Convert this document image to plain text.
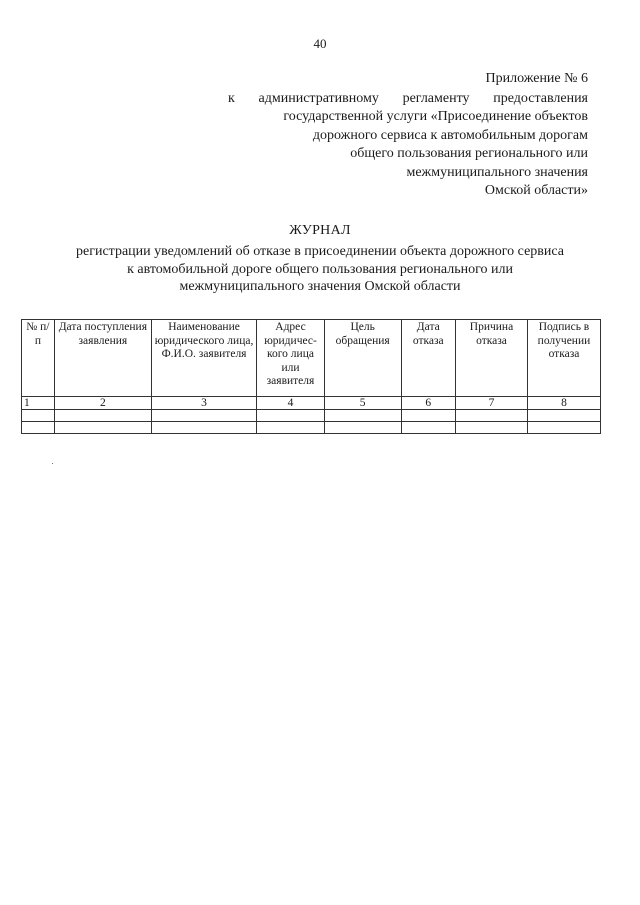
40
Приложение № 6
к административному регламенту предоставления
государственной услуги «Присоединение объектов
дорожного сервиса к автомобильным дорогам
общего пользования регионального или
межмуниципального значения
Омской области»
ЖУРНАЛ
регистрации уведомлений об отказе в присоединении объекта дорожного сервиса
к автомобильной дороге общего пользования регионального или
межмуниципального значения Омской области
№ п/п	Дата поступления заявления	Наименование юридического лица, Ф.И.О. заявителя	Адрес юридичес-кого лица или заявителя	Цель обращения	Дата отказа	Причина отказа	Подпись в получении отказа
1	2	3	4	5	6	7	8
